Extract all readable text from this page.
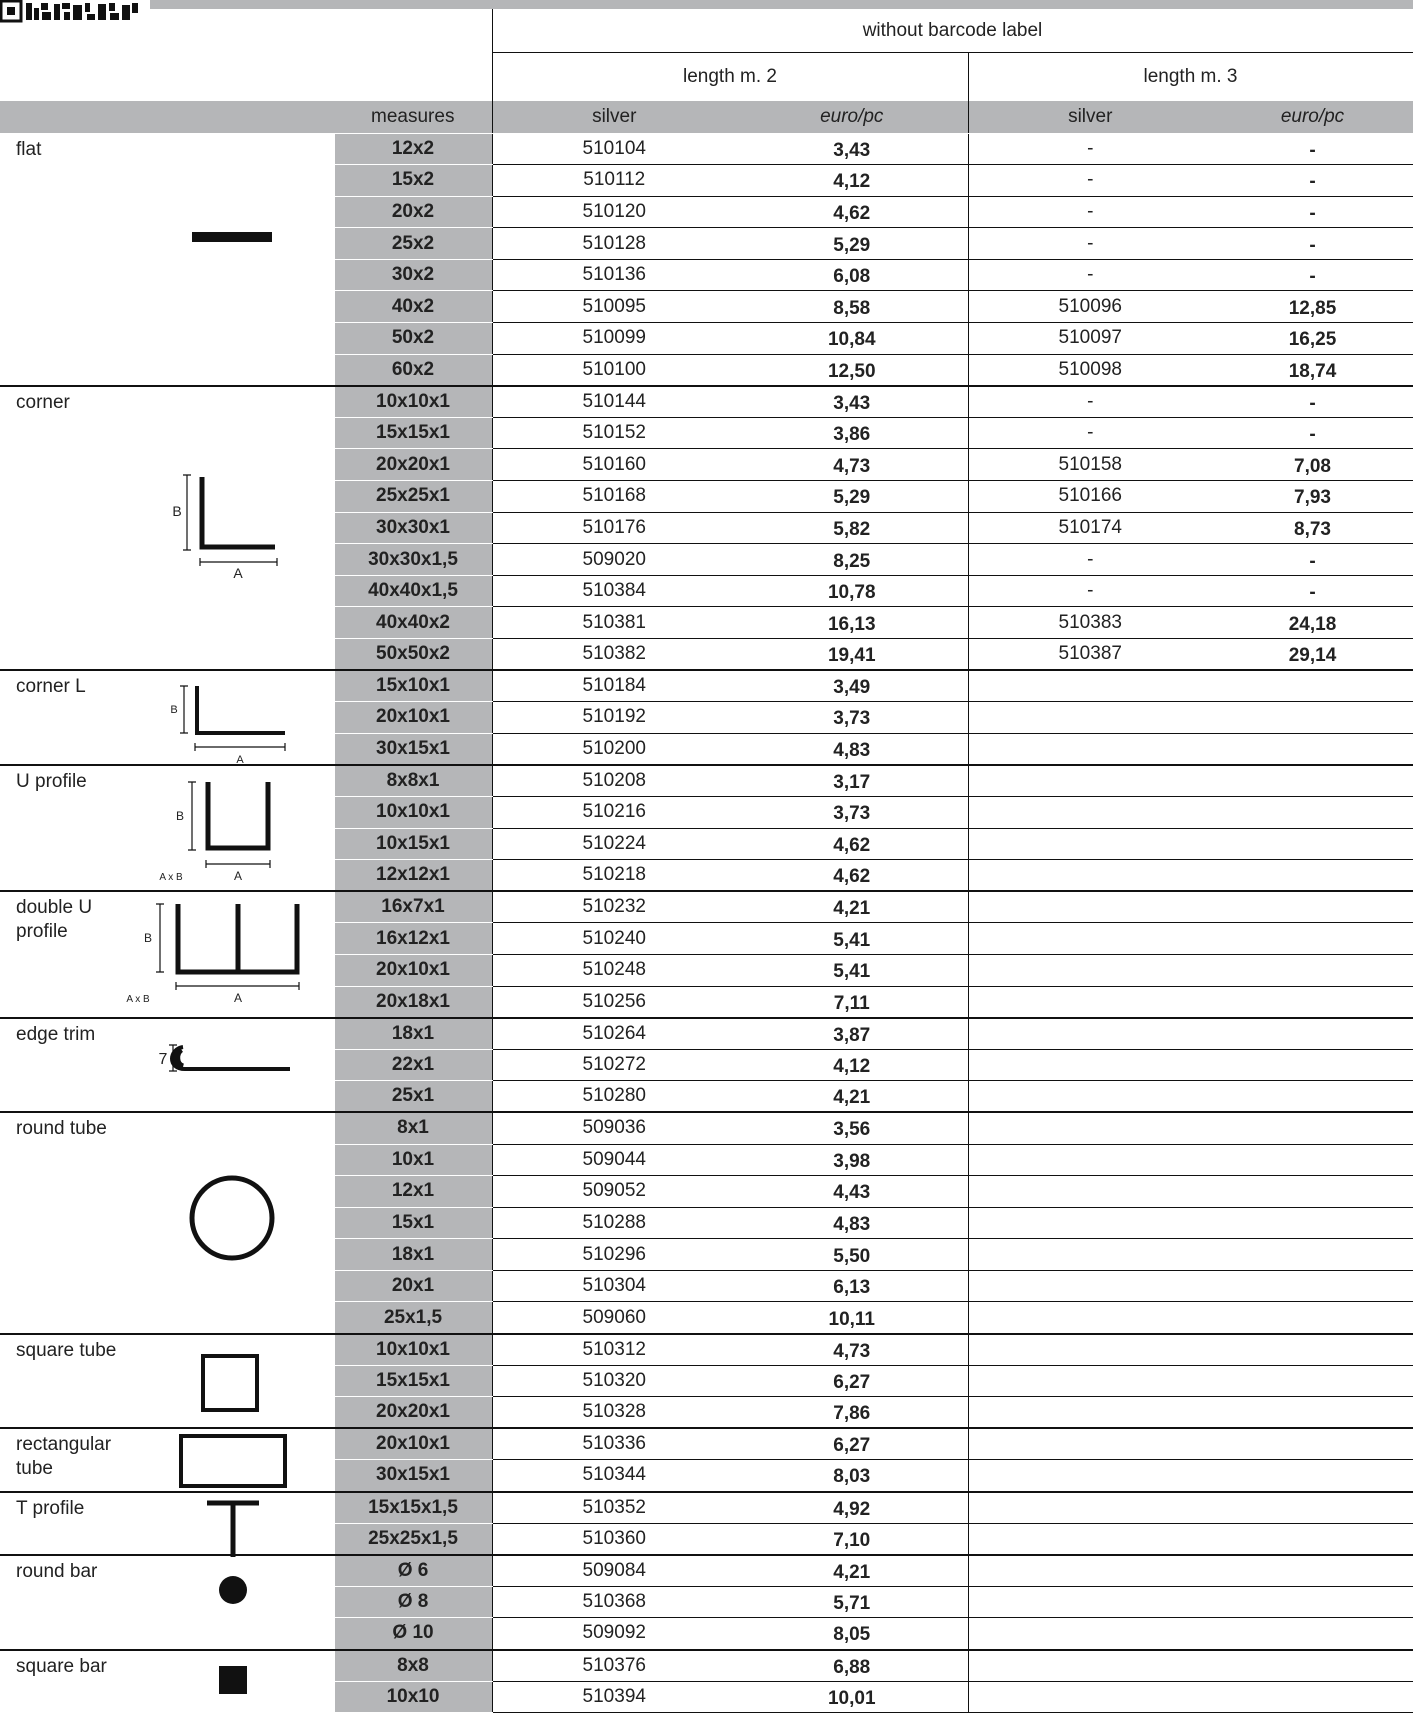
without barcode label
length m. 2	length m. 3
	measures	silver	euro/pc	silver	euro/pc

flat	12x2	510104	3,43	-	-
	15x2	510112	4,12	-	-
	20x2	510120	4,62	-	-
	25x2	510128	5,29	-	-
	30x2	510136	6,08	-	-
	40x2	510095	8,58	510096	12,85
	50x2	510099	10,84	510097	16,25
	60x2	510100	12,50	510098	18,74

corner
B
A	10x10x1	510144	3,43	-	-
	15x15x1	510152	3,86	-	-
	20x20x1	510160	4,73	510158	7,08
	25x25x1	510168	5,29	510166	7,93
	30x30x1	510176	5,82	510174	8,73
	30x30x1,5	509020	8,25	-	-
	40x40x1,5	510384	10,78	-	-
	40x40x2	510381	16,13	510383	24,18
	50x50x2	510382	19,41	510387	29,14

corner L
B
A	15x10x1	510184	3,49		
	20x10x1	510192	3,73		
	30x15x1	510200	4,83		

U profile
B
A
A x B	8x8x1	510208	3,17		
	10x10x1	510216	3,73		
	10x15x1	510224	4,62		
	12x12x1	510218	4,62		

double U profile B
A
A x B	16x7x1	510232	4,21		
	16x12x1	510240	5,41		
	20x10x1	510248	5,41		
	20x18x1	510256	7,11		

edge trim
7	18x1	510264	3,87		
	22x1	510272	4,12		
	25x1	510280	4,21		

round tube	8x1	509036	3,56		
	10x1	509044	3,98		
	12x1	509052	4,43		
	15x1	510288	4,83		
	18x1	510296	5,50		
	20x1	510304	6,13		
	25x1,5	509060	10,11		

square tube	10x10x1	510312	4,73		
	15x15x1	510320	6,27		
	20x20x1	510328	7,86		

rectangular tube	20x10x1	510336	6,27		
	30x15x1	510344	8,03		

T profile	15x15x1,5	510352	4,92		
	25x25x1,5	510360	7,10		

round bar	Ø 6	509084	4,21		
	Ø 8	510368	5,71		
	Ø 10	509092	8,05		

square bar	8x8	510376	6,88		
	10x10	510394	10,01		
